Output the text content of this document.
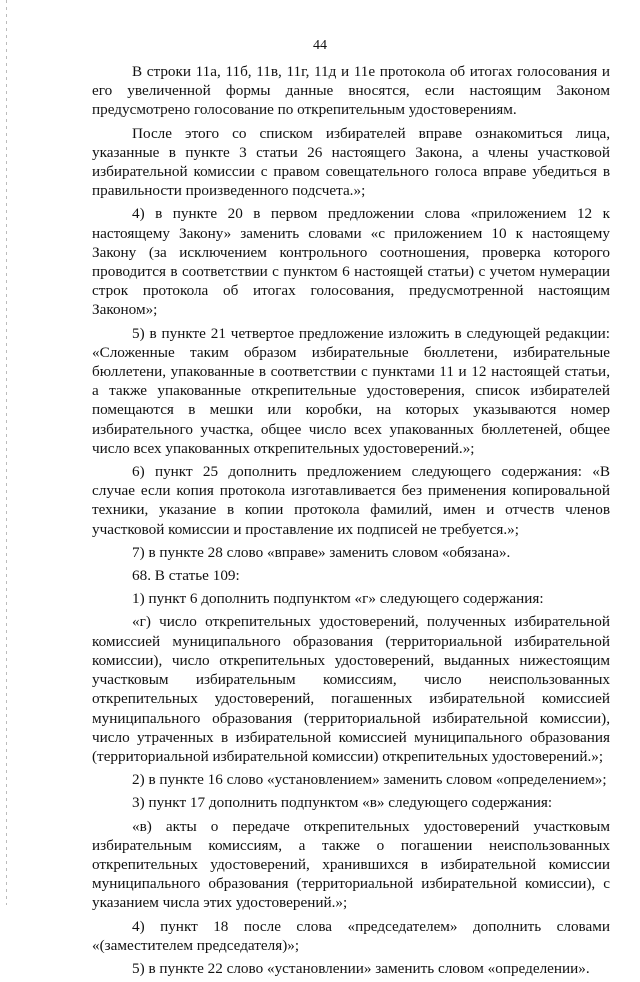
44

В строки 11а, 11б, 11в, 11г, 11д и 11е протокола об итогах голосования и его увеличенной формы данные вносятся, если настоящим Законом предусмотрено голосование по открепительным удостоверениям.

После этого со списком избирателей вправе ознакомиться лица, указанные в пункте 3 статьи 26 настоящего Закона, а члены участковой избирательной комиссии с правом совещательного голоса вправе убедиться в правильности произведенного подсчета.»;

4) в пункте 20 в первом предложении слова «приложением 12 к настоящему Закону» заменить словами «с приложением 10 к настоящему Закону (за исключением контрольного соотношения, проверка которого проводится в соответствии с пунктом 6 настоящей статьи) с учетом нумерации строк протокола об итогах голосования, предусмотренной настоящим Законом»;

5) в пункте 21 четвертое предложение изложить в следующей редакции: «Сложенные таким образом избирательные бюллетени, избирательные бюллетени, упакованные в соответствии с пунктами 11 и 12 настоящей статьи, а также упакованные открепительные удостоверения, список избирателей помещаются в мешки или коробки, на которых указываются номер избирательного участка, общее число всех упакованных бюллетеней, общее число всех упакованных открепительных удостоверений.»;

6) пункт 25 дополнить предложением следующего содержания: «В случае если копия протокола изготавливается без применения копировальной техники, указание в копии протокола фамилий, имен и отчеств членов участковой комиссии и проставление их подписей не требуется.»;

7) в пункте 28 слово «вправе» заменить словом «обязана».

68. В статье 109:

1) пункт 6 дополнить подпунктом «г» следующего содержания:

«г) число открепительных удостоверений, полученных избирательной комиссией муниципального образования (территориальной избирательной комиссии), число открепительных удостоверений, выданных нижестоящим участковым избирательным комиссиям, число неиспользованных открепительных удостоверений, погашенных избирательной комиссией муниципального образования (территориальной избирательной комиссии), число утраченных в избирательной комиссией муниципального образования (территориальной избирательной комиссии) открепительных удостоверений.»;

2) в пункте 16 слово «установлением» заменить словом «определением»;

3) пункт 17 дополнить подпунктом «в» следующего содержания:

«в) акты о передаче открепительных удостоверений участковым избирательным комиссиям, а также о погашении неиспользованных открепительных удостоверений, хранившихся в избирательной комиссии муниципального образования (территориальной избирательной комиссии), с указанием числа этих удостоверений.»;

4) пункт 18 после слова «председателем» дополнить словами «(заместителем председателя)»;

5) в пункте 22 слово «установлении» заменить словом «определении».
